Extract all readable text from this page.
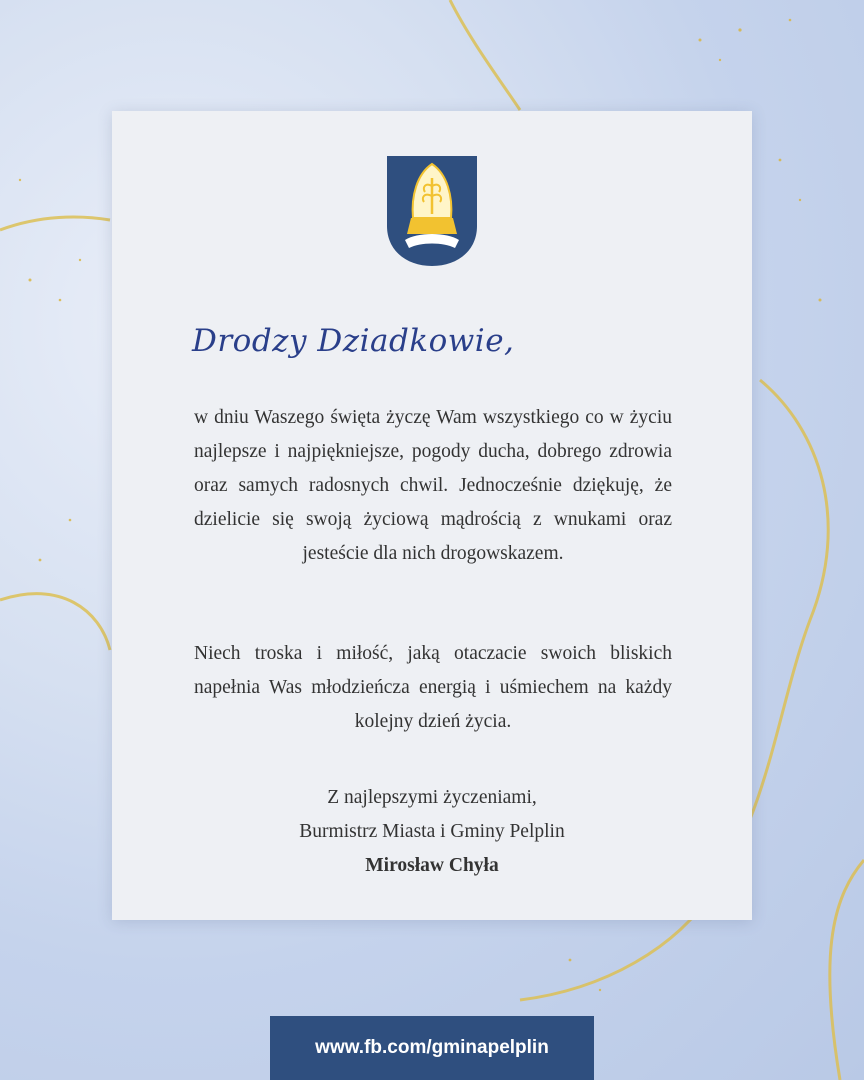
Drodzy Dziadkowie,
w dniu Waszego święta życzę Wam wszystkiego co w życiu najlepsze i najpiękniejsze, pogody ducha, dobrego zdrowia oraz samych radosnych chwil. Jednocześnie dziękuję, że dzielicie się swoją życiową mądrością z wnukami oraz jesteście dla nich drogowskazem.
Niech troska i miłość, jaką otaczacie swoich bliskich napełnia Was młodzieńcza energią i uśmiechem na każdy kolejny dzień życia.
Z najlepszymi życzeniami,
Burmistrz Miasta i Gminy Pelplin
Mirosław Chyła
www.fb.com/gminapelplin
